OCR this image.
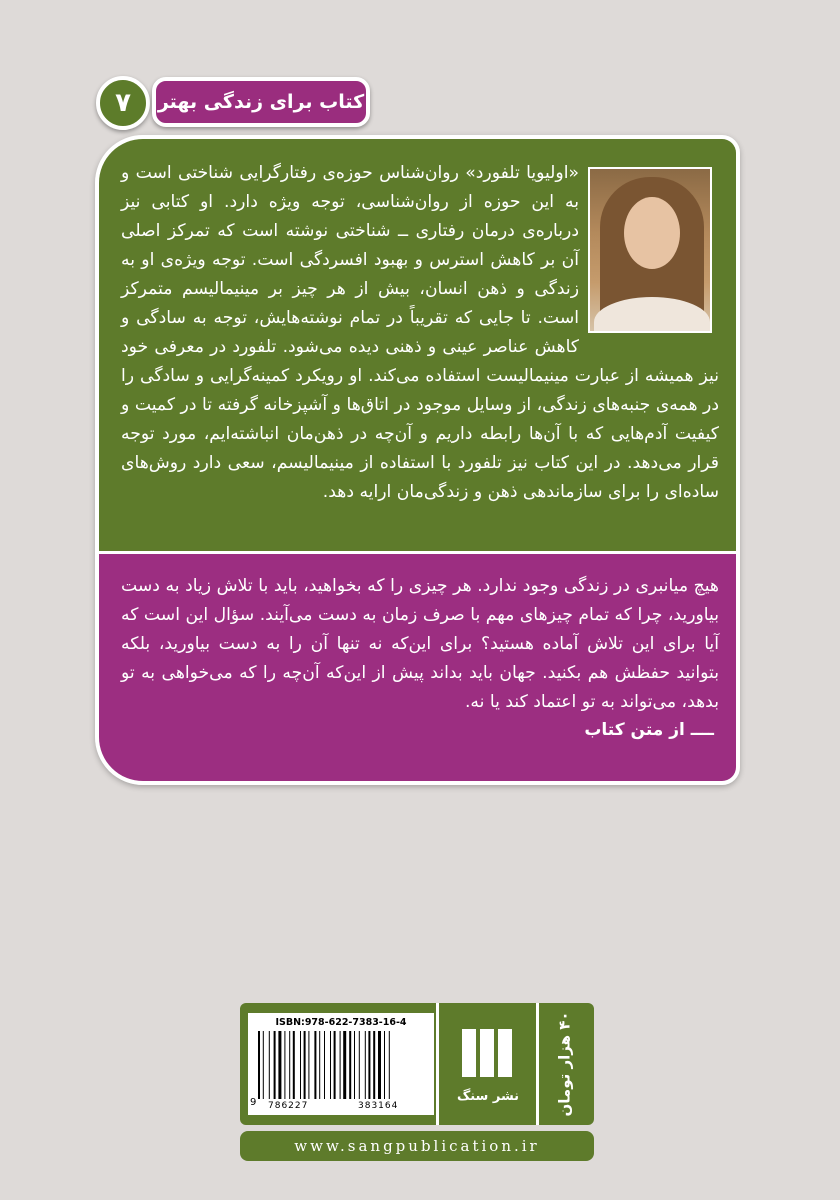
۷ کتاب برای زندگی بهتر

«اولیویا تلفورد» روان‌شناس حوزه‌ی رفتارگرایی شناختی است و به این حوزه از روان‌شناسی، توجه ویژه دارد. او کتابی نیز درباره‌ی درمان رفتاری ــ شناختی نوشته است که تمرکز اصلی آن بر کاهش استرس و بهبود افسردگی است. توجه ویژه‌ی او به زندگی و ذهن انسان، بیش از هر چیز بر مینیمالیسم متمرکز است. تا جایی که تقریباً در تمام نوشته‌هایش، توجه به سادگی و کاهش عناصر عینی و ذهنی دیده می‌شود. تلفورد در معرفی خود نیز همیشه از عبارت مینیمالیست استفاده می‌کند. او رویکرد کمینه‌گرایی و سادگی را در همه‌ی جنبه‌های زندگی، از وسایل موجود در اتاق‌ها و آشپزخانه گرفته تا در کمیت و کیفیت آدم‌هایی که با آن‌ها رابطه داریم و آن‌چه در ذهن‌مان انباشته‌ایم، مورد توجه قرار می‌دهد. در این کتاب نیز تلفورد با استفاده از مینیمالیسم، سعی دارد روش‌های ساده‌ای را برای سازماندهی ذهن و زندگی‌مان ارایه دهد.

هیچ میانبری در زندگی وجود ندارد. هر چیزی را که بخواهید، باید با تلاش زیاد به دست بیاورید، چرا که تمام چیزهای مهم با صرف زمان به دست می‌آیند. سؤال این است که آیا برای این تلاش آماده هستید؟ برای این‌که نه تنها آن را به دست بیاورید، بلکه بتوانید حفظش هم بکنید. جهان باید بداند پیش از این‌که آن‌چه را که می‌خواهی به تو بدهد، می‌تواند به تو اعتماد کند یا نه.

ــــ از متن کتاب
ISBN:978-622-7383-16-4
9 786227	383164
نشر سنگ	۴۰ هزار تومان
www.sangpublication.ir
